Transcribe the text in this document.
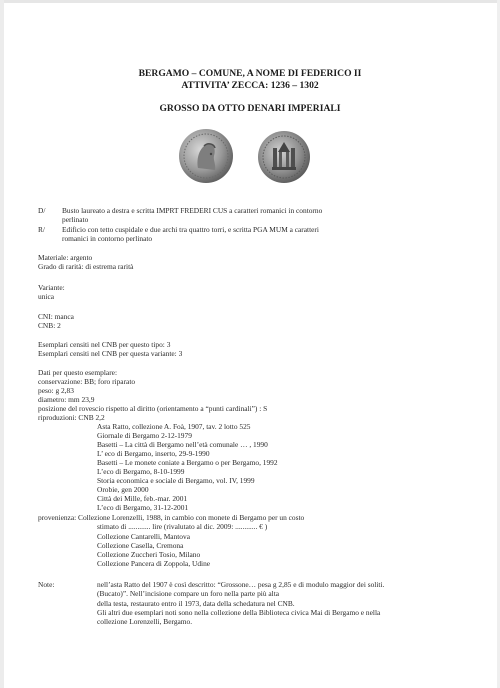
BERGAMO – COMUNE, A NOME DI FEDERICO II
ATTIVITA’ ZECCA: 1236 – 1302
GROSSO DA OTTO DENARI IMPERIALI
D/ Busto laureato a destra e scritta IMPRT FREDERI CUS a caratteri romanici in contorno
perlinato
R/ Edificio con tetto cuspidale e due archi tra quattro torri, e scritta PGA MUM a caratteri
romanici in contorno perlinato
Materiale: argento
Grado di rarità: di estrema rarità
Variante:
unica
CNI: manca
CNB: 2
Esemplari censiti nel CNB per questo tipo: 3
Esemplari censiti nel CNB per questa variante: 3
Dati per questo esemplare:
conservazione: BB; foro riparato
peso: g 2,83
diametro: mm 23,9
posizione del rovescio rispetto al diritto (orientamento a “punti cardinali”) : S
riproduzioni: CNB 2,2
Asta Ratto, collezione A. Foà, 1907, tav. 2 lotto 525
Giornale di Bergamo 2-12-1979
Basetti – La città di Bergamo nell’età comunale … , 1990
L’ eco di Bergamo, inserto, 29-9-1990
Basetti – Le monete coniate a Bergamo o per Bergamo, 1992
L’eco di Bergamo, 8-10-1999
Storia economica e sociale di Bergamo, vol. IV, 1999
Orobie, gen 2000
Città dei Mille, feb.-mar. 2001
L’eco di Bergamo, 31-12-2001
provenienza: Collezione Lorenzelli, 1988, in cambio con monete di Bergamo per un costo
stimato di ............ lire (rivalutato al dic. 2009: ............ € )
Collezione Cantarelli, Mantova
Collezione Casella, Cremona
Collezione Zuccheri Tosio, Milano
Collezione Pancera di Zoppola, Udine
Note:	nell’asta Ratto del 1907 è così descritto: “Grossone… pesa g 2,85 e di modulo maggior dei soliti.
(Bucato)”. Nell’incisione compare un foro nella parte più alta
della testa, restaurato entro il 1973, data della schedatura nel CNB.
Gli altri due esemplari noti sono nella collezione della Biblioteca civica Mai di Bergamo e nella
collezione Lorenzelli, Bergamo.
